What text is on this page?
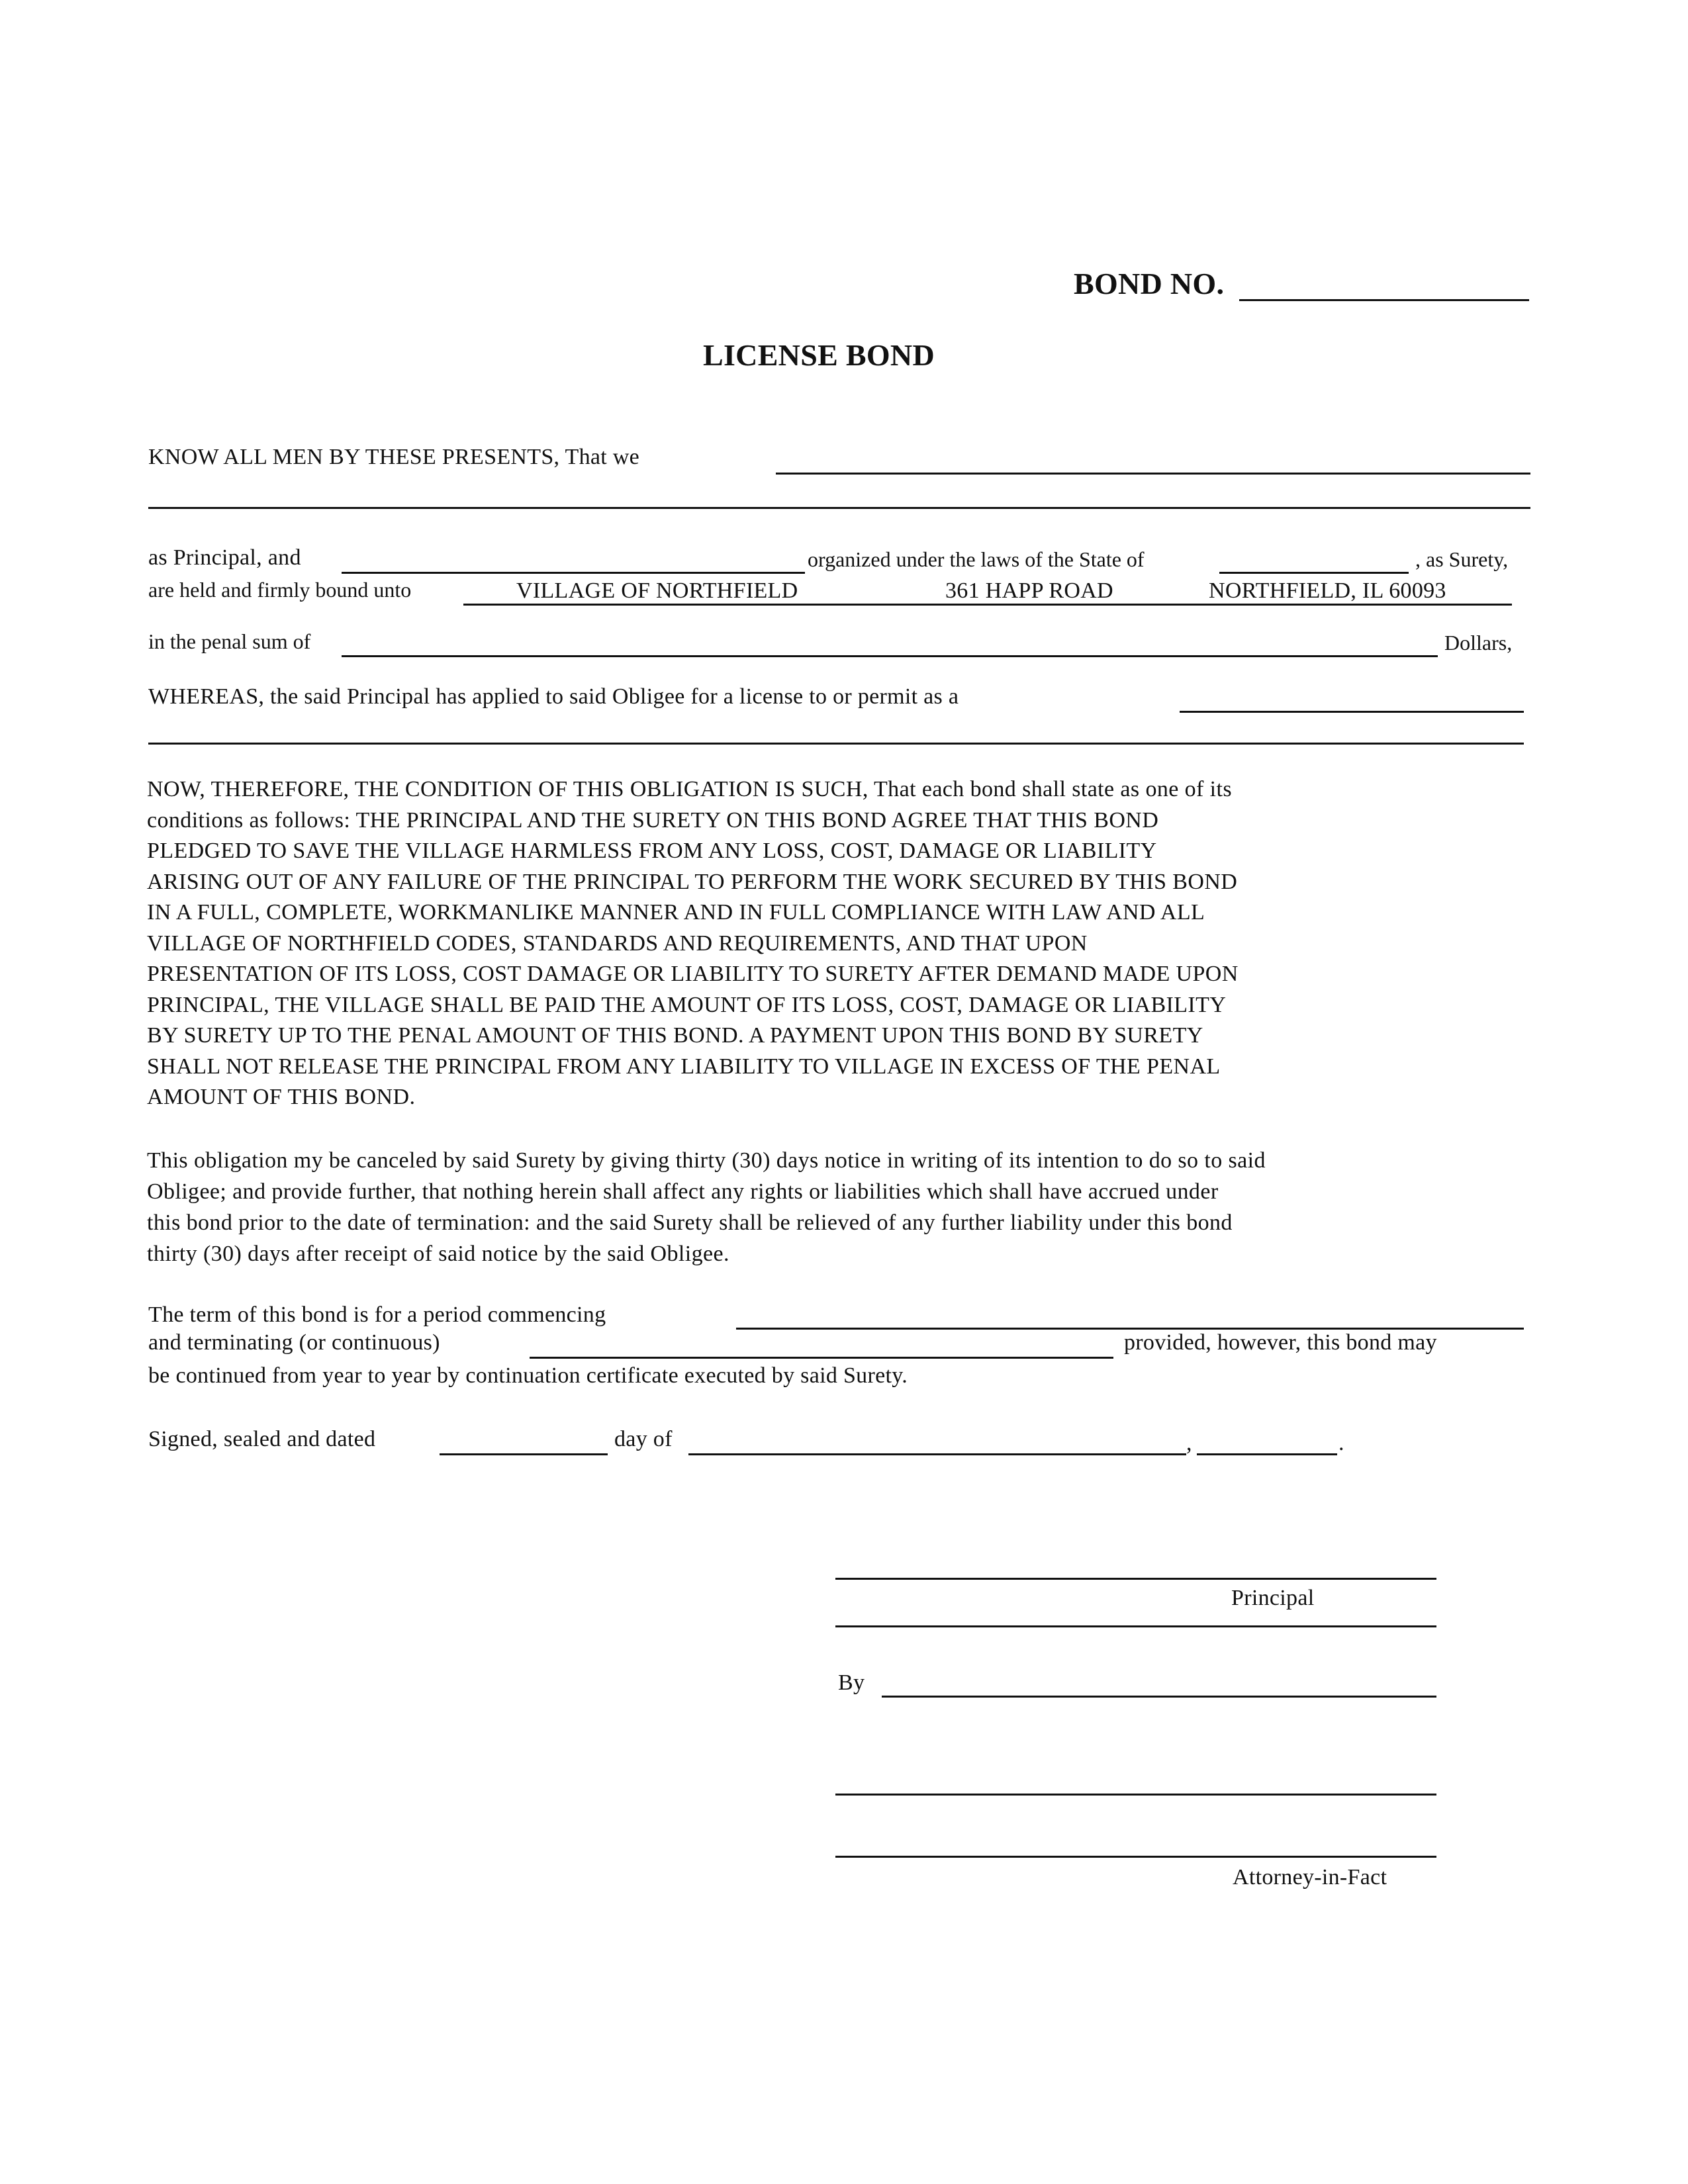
BOND NO.
LICENSE BOND
KNOW ALL MEN BY THESE PRESENTS, That we
as Principal, and	organized under the laws of the State of	, as Surety,
are held and firmly bound unto	VILLAGE OF NORTHFIELD	361 HAPP ROAD	NORTHFIELD, IL 60093
in the penal sum of	Dollars,
WHEREAS, the said Principal has applied to said Obligee for a license to or permit as a
NOW, THEREFORE, THE CONDITION OF THIS OBLIGATION IS SUCH, That each bond shall state as one of its
conditions as follows: THE PRINCIPAL AND THE SURETY ON THIS BOND AGREE THAT THIS BOND
PLEDGED TO SAVE THE VILLAGE HARMLESS FROM ANY LOSS, COST, DAMAGE OR LIABILITY
ARISING OUT OF ANY FAILURE OF THE PRINCIPAL TO PERFORM THE WORK SECURED BY THIS BOND
IN A FULL, COMPLETE, WORKMANLIKE MANNER AND IN FULL COMPLIANCE WITH LAW AND ALL
VILLAGE OF NORTHFIELD CODES, STANDARDS AND REQUIREMENTS, AND THAT UPON
PRESENTATION OF ITS LOSS, COST DAMAGE OR LIABILITY TO SURETY AFTER DEMAND MADE UPON
PRINCIPAL, THE VILLAGE SHALL BE PAID THE AMOUNT OF ITS LOSS, COST, DAMAGE OR LIABILITY
BY SURETY UP TO THE PENAL AMOUNT OF THIS BOND. A PAYMENT UPON THIS BOND BY SURETY
SHALL NOT RELEASE THE PRINCIPAL FROM ANY LIABILITY TO VILLAGE IN EXCESS OF THE PENAL
AMOUNT OF THIS BOND.
This obligation my be canceled by said Surety by giving thirty (30) days notice in writing of its intention to do so to said
Obligee; and provide further, that nothing herein shall affect any rights or liabilities which shall have accrued under
this bond prior to the date of termination: and the said Surety shall be relieved of any further liability under this bond
thirty (30) days after receipt of said notice by the said Obligee.
The term of this bond is for a period commencing
and terminating (or continuous)	provided, however, this bond may
be continued from year to year by continuation certificate executed by said Surety.
Signed, sealed and dated	day of	,	.
Principal
By
Attorney-in-Fact
